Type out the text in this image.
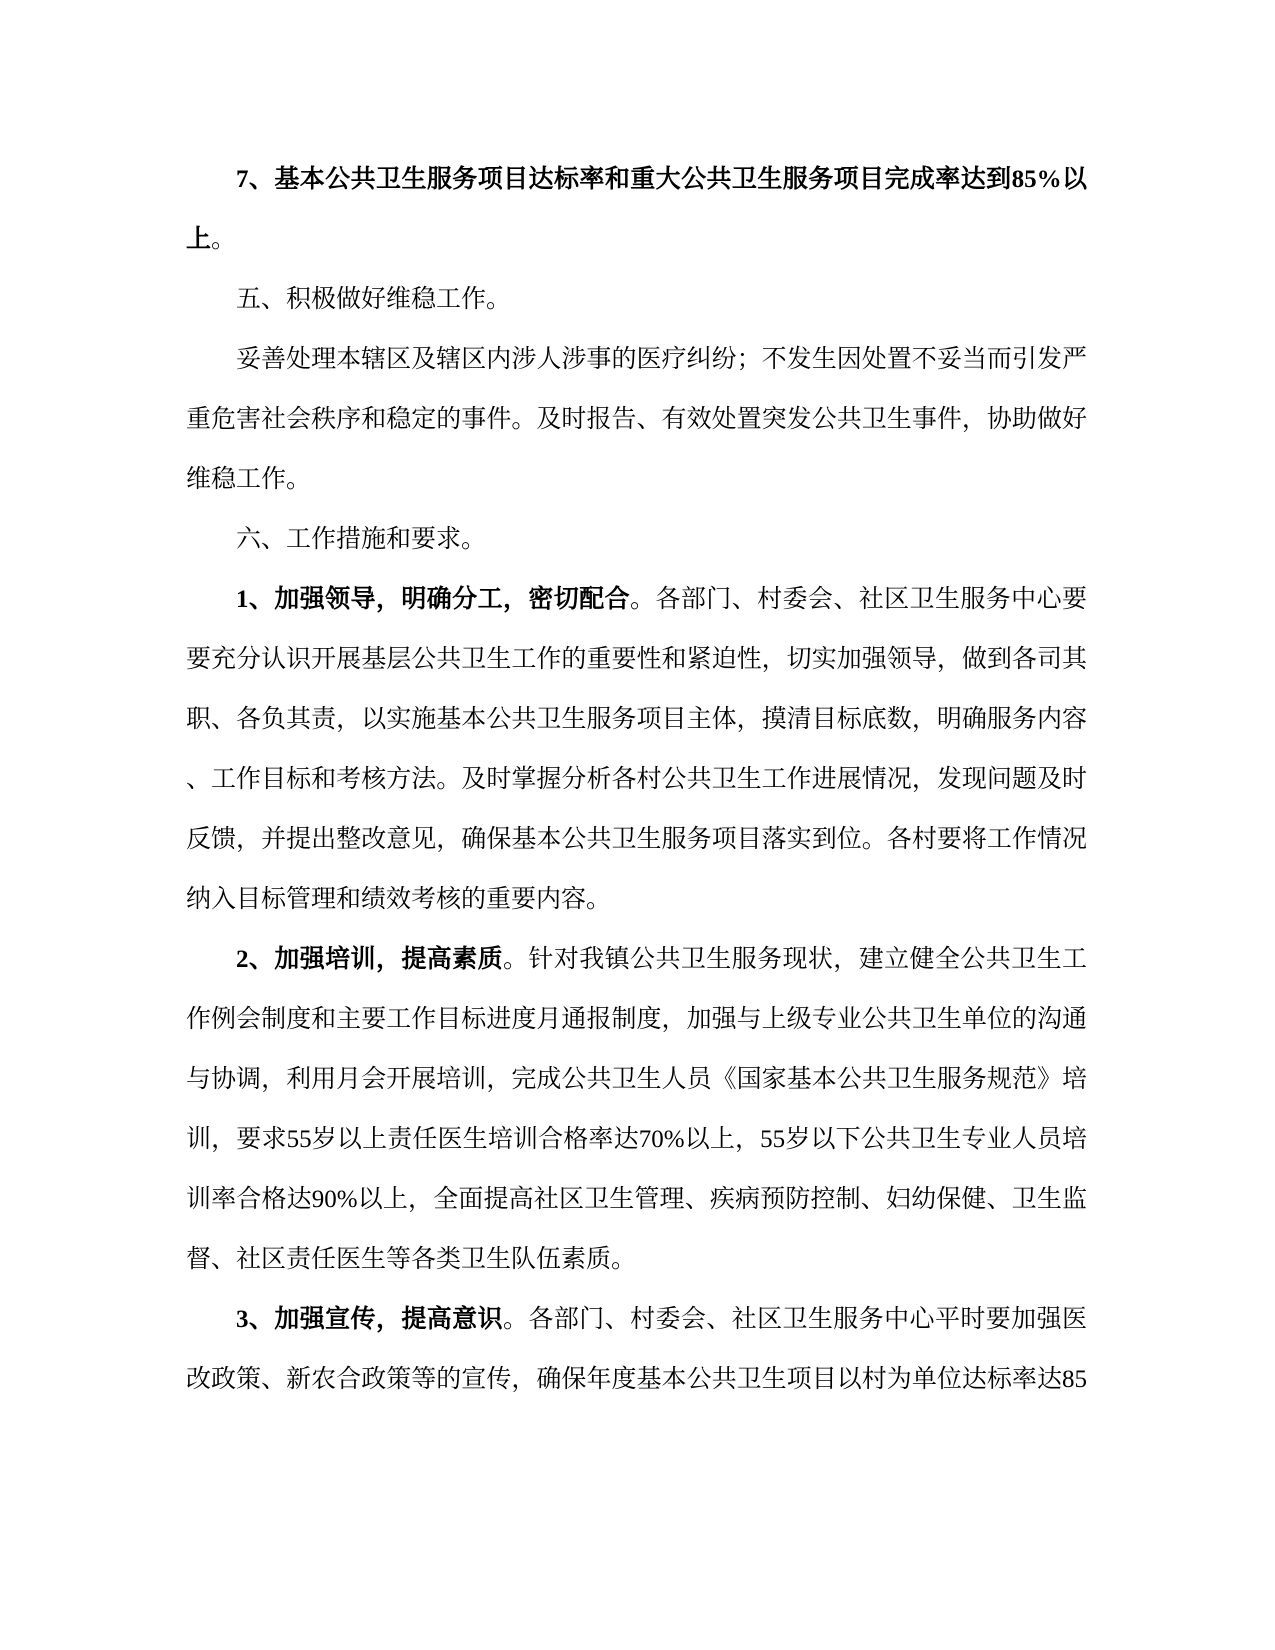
7、基本公共卫生服务项目达标率和重大公共卫生服务项目完成率达到85%以
上。
五、积极做好维稳工作。
妥善处理本辖区及辖区内涉人涉事的医疗纠纷；不发生因处置不妥当而引发严
重危害社会秩序和稳定的事件。及时报告、有效处置突发公共卫生事件，协助做好
维稳工作。
六、工作措施和要求。
1、加强领导，明确分工，密切配合。各部门、村委会、社区卫生服务中心要
要充分认识开展基层公共卫生工作的重要性和紧迫性，切实加强领导，做到各司其
职、各负其责，以实施基本公共卫生服务项目主体，摸清目标底数，明确服务内容
、工作目标和考核方法。及时掌握分析各村公共卫生工作进展情况，发现问题及时
反馈，并提出整改意见，确保基本公共卫生服务项目落实到位。各村要将工作情况
纳入目标管理和绩效考核的重要内容。
2、加强培训，提高素质。针对我镇公共卫生服务现状，建立健全公共卫生工
作例会制度和主要工作目标进度月通报制度，加强与上级专业公共卫生单位的沟通
与协调，利用月会开展培训，完成公共卫生人员《国家基本公共卫生服务规范》培
训，要求55岁以上责任医生培训合格率达70%以上，55岁以下公共卫生专业人员培
训率合格达90%以上，全面提高社区卫生管理、疾病预防控制、妇幼保健、卫生监
督、社区责任医生等各类卫生队伍素质。
3、加强宣传，提高意识。各部门、村委会、社区卫生服务中心平时要加强医
改政策、新农合政策等的宣传，确保年度基本公共卫生项目以村为单位达标率达85
